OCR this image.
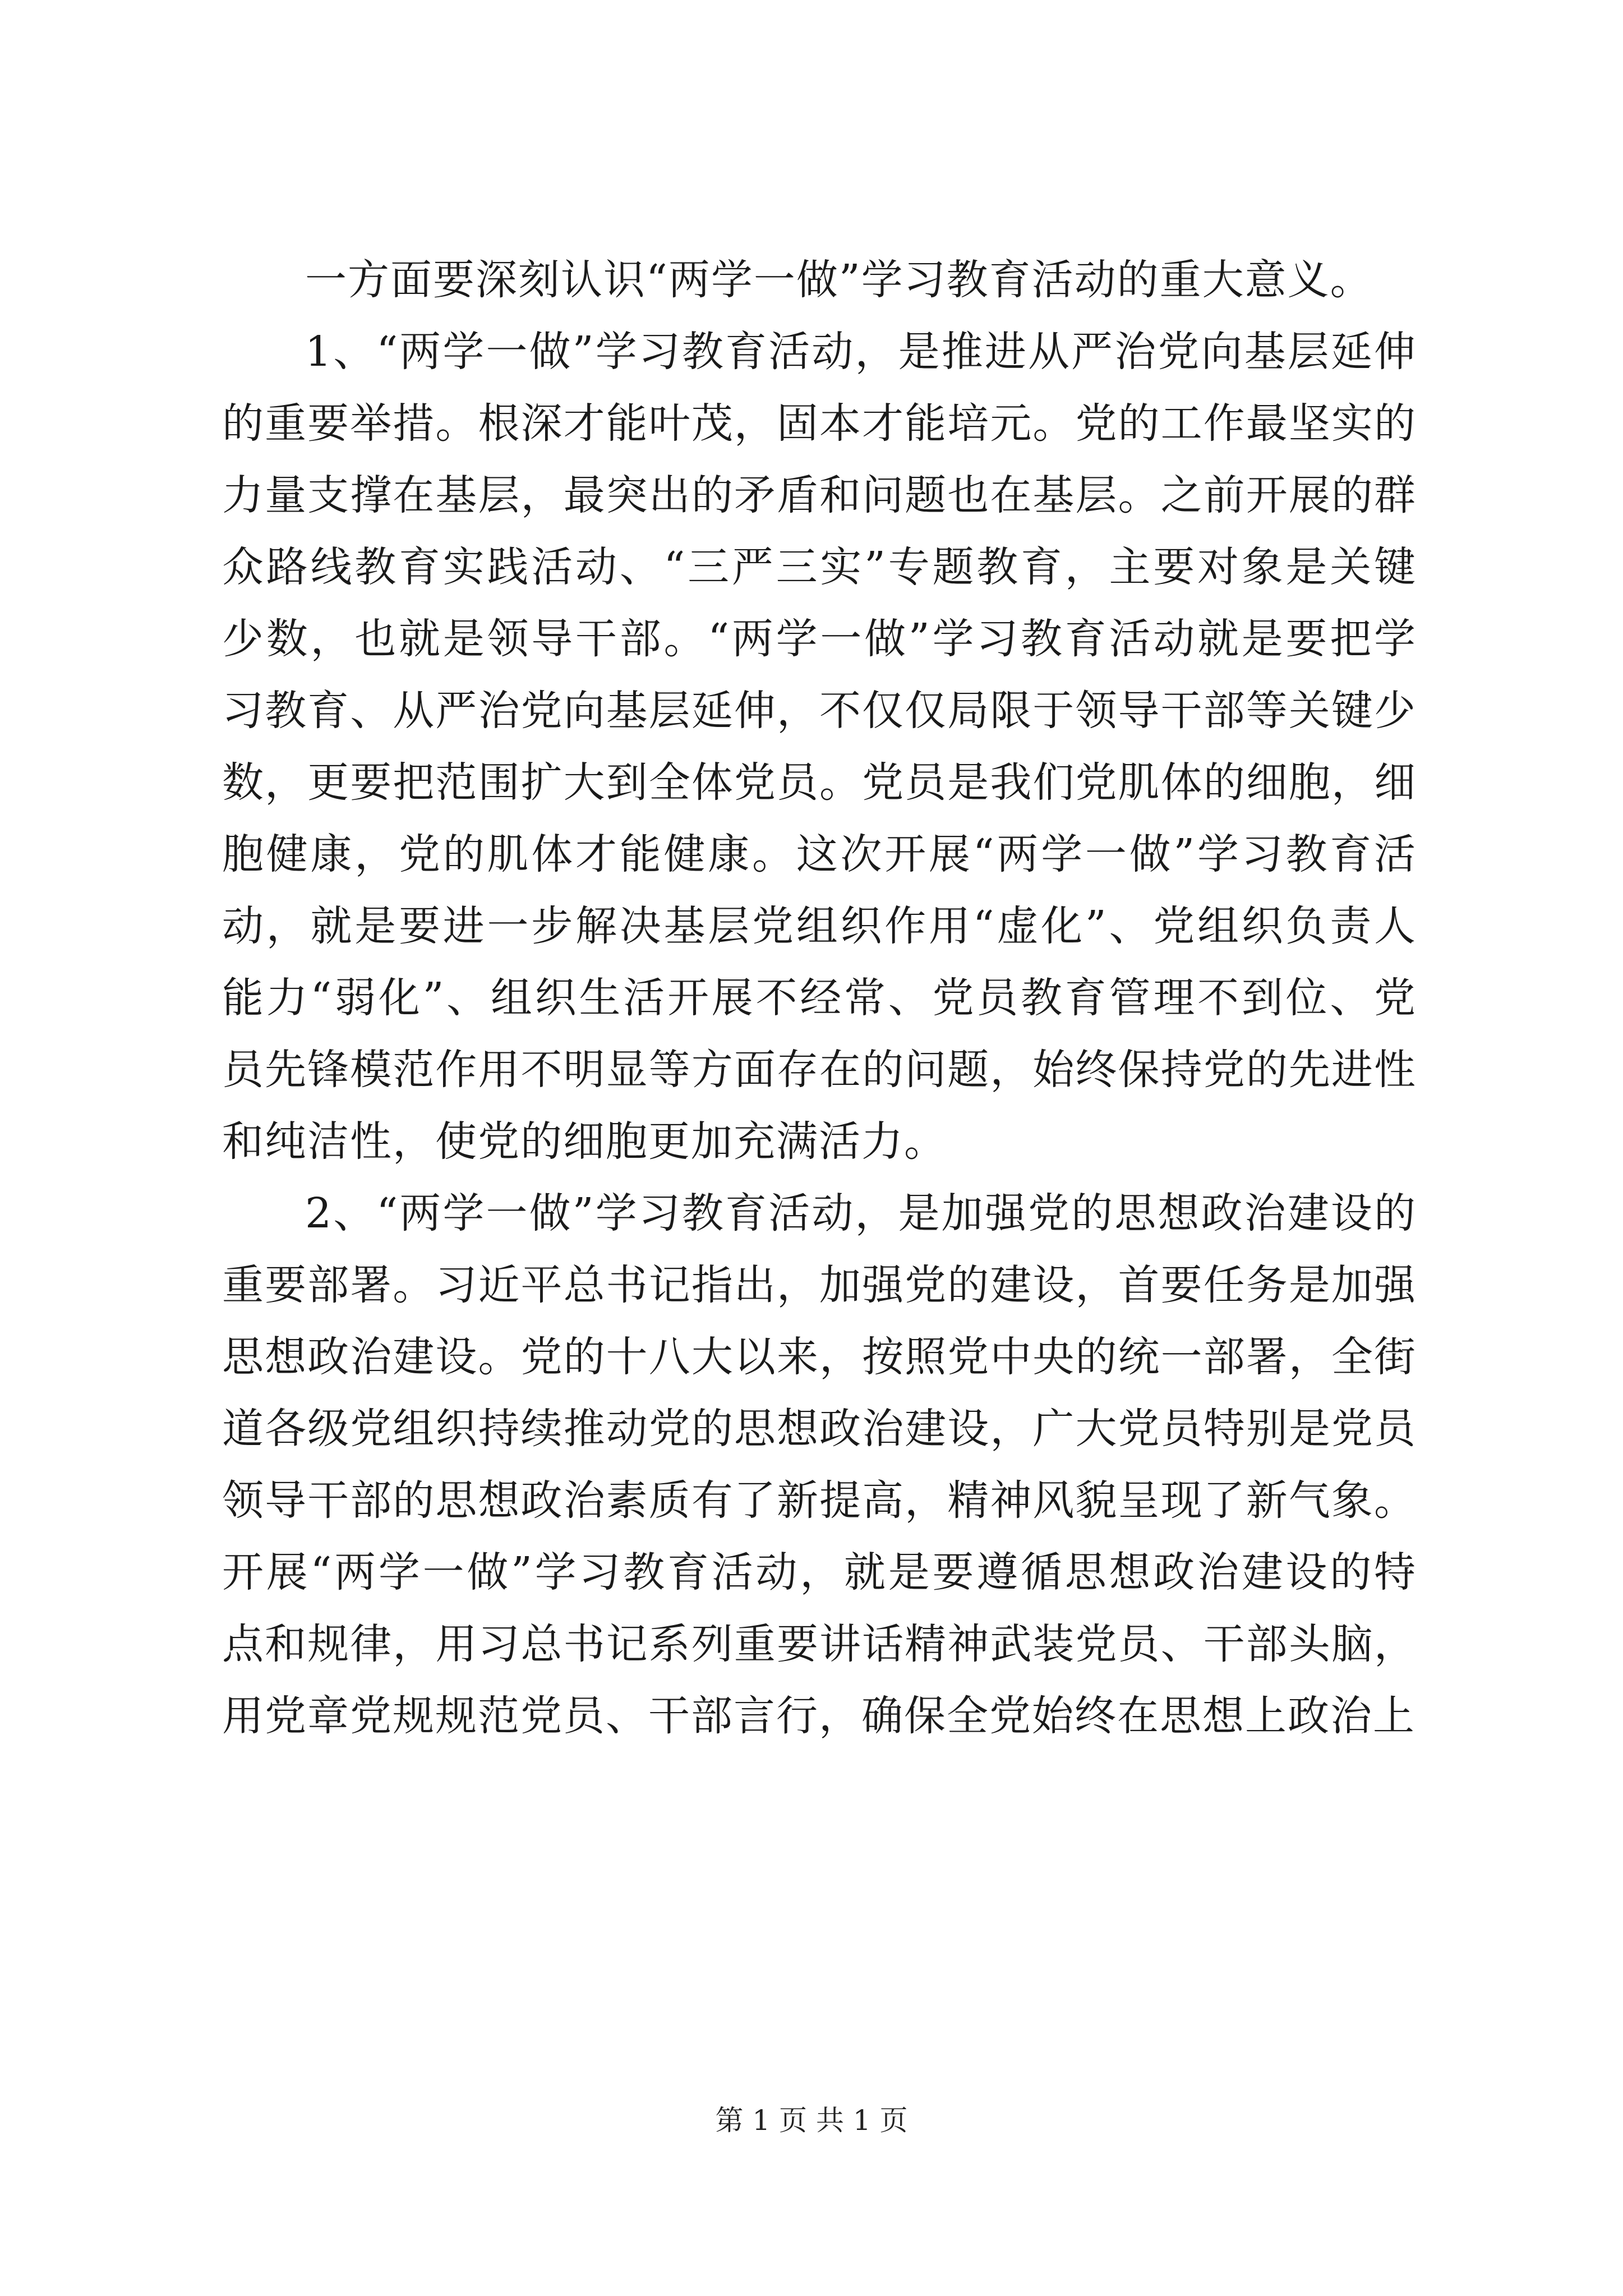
一方面要深刻认识“两学一做”学习教育活动的重大意义。

1、“两学一做”学习教育活动，是推进从严治党向基层延伸的重要举措。根深才能叶茂，固本才能培元。党的工作最坚实的力量支撑在基层，最突出的矛盾和问题也在基层。之前开展的群众路线教育实践活动、“三严三实”专题教育，主要对象是关键少数，也就是领导干部。“两学一做”学习教育活动就是要把学习教育、从严治党向基层延伸，不仅仅局限于领导干部等关键少数，更要把范围扩大到全体党员。党员是我们党肌体的细胞，细胞健康，党的肌体才能健康。这次开展“两学一做”学习教育活动，就是要进一步解决基层党组织作用“虚化”、党组织负责人能力“弱化”、组织生活开展不经常、党员教育管理不到位、党员先锋模范作用不明显等方面存在的问题，始终保持党的先进性和纯洁性，使党的细胞更加充满活力。

2、“两学一做”学习教育活动，是加强党的思想政治建设的重要部署。习近平总书记指出，加强党的建设，首要任务是加强思想政治建设。党的十八大以来，按照党中央的统一部署，全街道各级党组织持续推动党的思想政治建设，广大党员特别是党员领导干部的思想政治素质有了新提高，精神风貌呈现了新气象。开展“两学一做”学习教育活动，就是要遵循思想政治建设的特点和规律，用习总书记系列重要讲话精神武装党员、干部头脑，用党章党规规范党员、干部言行，确保全党始终在思想上政治上

第 1 页 共 1 页
